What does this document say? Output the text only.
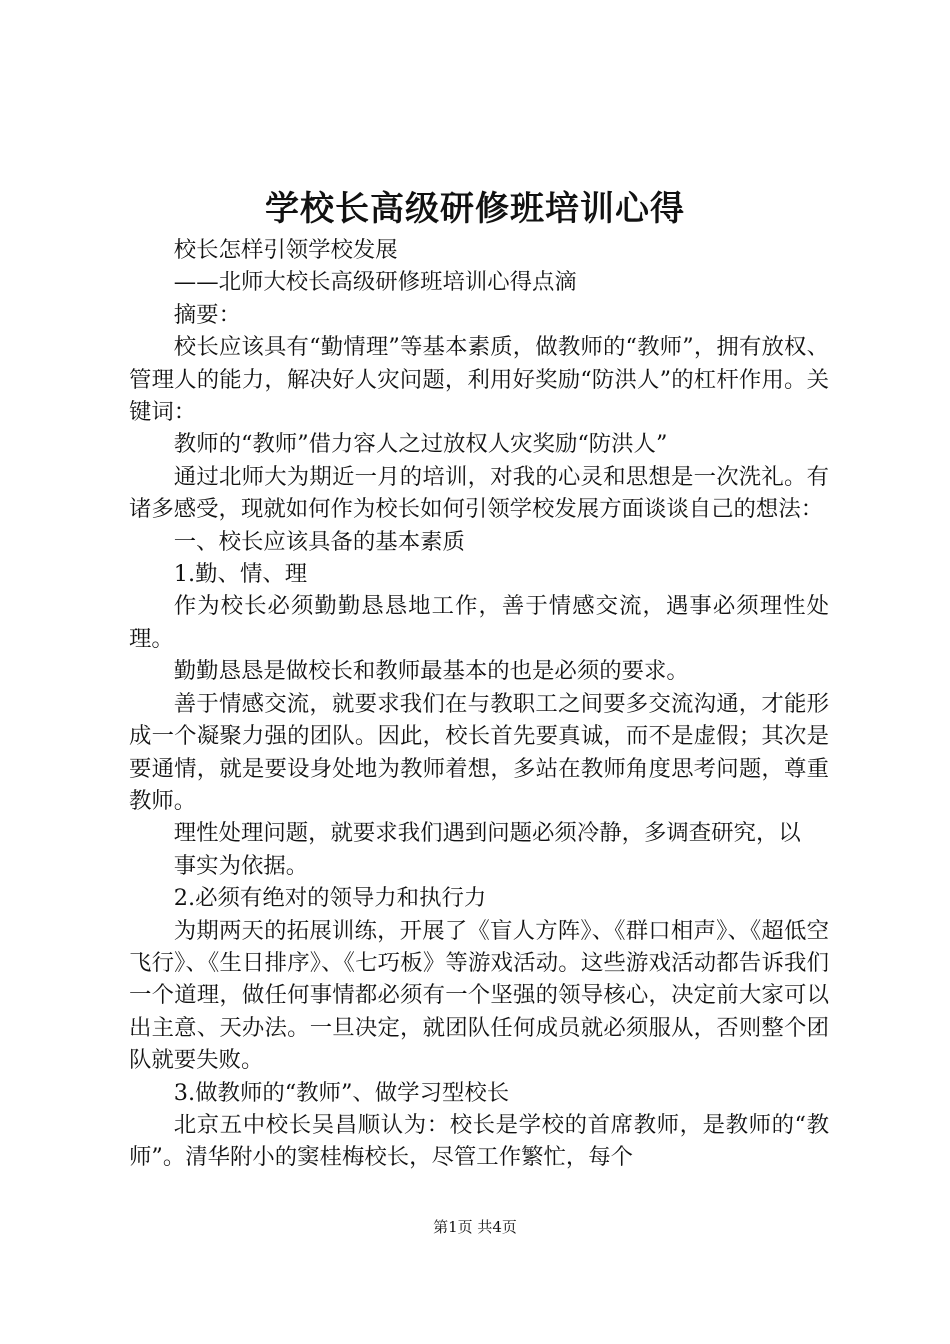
学校长高级研修班培训心得

校长怎样引领学校发展

——北师大校长高级研修班培训心得点滴

摘要：

校长应该具有“勤情理”等基本素质，做教师的“教师”，拥有放权、管理人的能力，解决好人灾问题，利用好奖励“防洪人”的杠杆作用。关键词：

教师的“教师”借力容人之过放权人灾奖励“防洪人”

通过北师大为期近一月的培训，对我的心灵和思想是一次洗礼。有诸多感受，现就如何作为校长如何引领学校发展方面谈谈自己的想法：

一、校长应该具备的基本素质

1.勤、情、理

作为校长必须勤勤恳恳地工作，善于情感交流，遇事必须理性处理。

勤勤恳恳是做校长和教师最基本的也是必须的要求。

善于情感交流，就要求我们在与教职工之间要多交流沟通，才能形成一个凝聚力强的团队。因此，校长首先要真诚，而不是虚假；其次是要通情，就是要设身处地为教师着想，多站在教师角度思考问题，尊重教师。

理性处理问题，就要求我们遇到问题必须冷静，多调查研究，以

事实为依据。

2.必须有绝对的领导力和执行力

为期两天的拓展训练，开展了《盲人方阵》、《群口相声》、《超低空飞行》、《生日排序》、《七巧板》等游戏活动。这些游戏活动都告诉我们一个道理，做任何事情都必须有一个坚强的领导核心，决定前大家可以出主意、天办法。一旦决定，就团队任何成员就必须服从，否则整个团队就要失败。

3.做教师的“教师”、做学习型校长

北京五中校长吴昌顺认为：校长是学校的首席教师，是教师的“教师”。清华附小的窦桂梅校长，尽管工作繁忙，每个

第1页 共4页
